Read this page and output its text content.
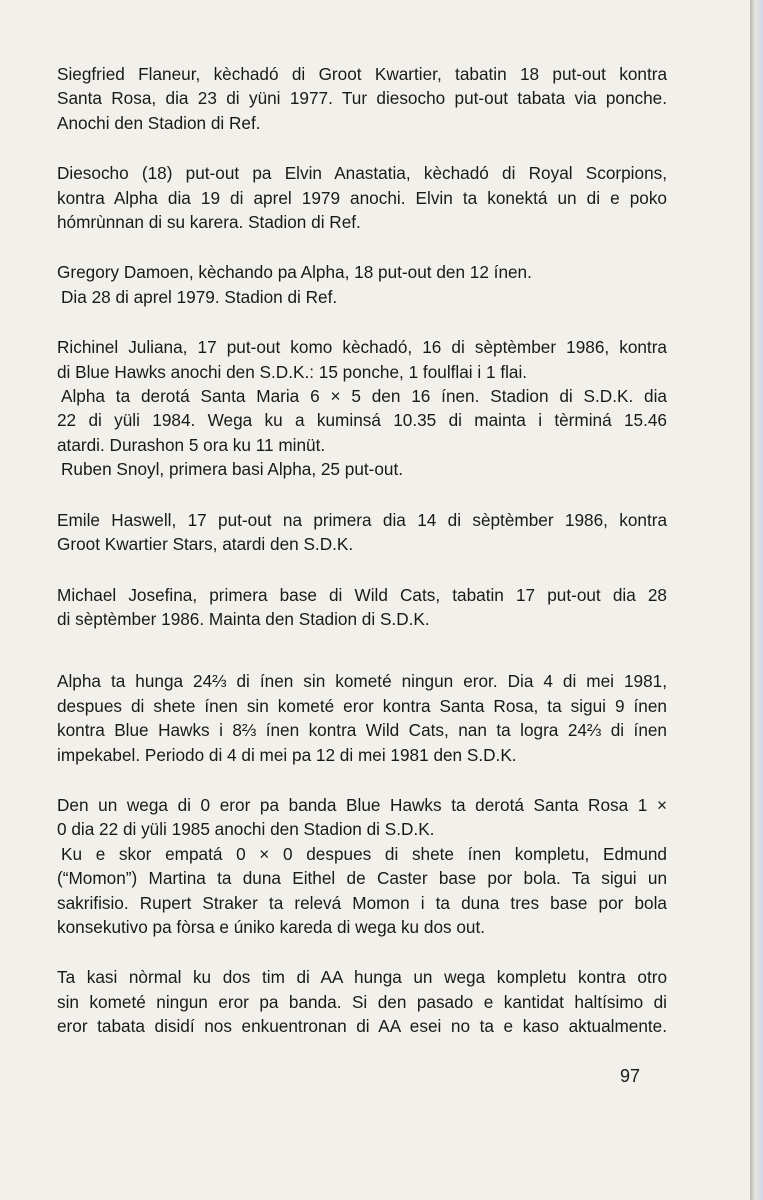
Siegfried Flaneur, kèchadó di Groot Kwartier, tabatin 18 put-out kontra
Santa Rosa, dia 23 di yüni 1977. Tur diesocho put-out tabata via ponche.
Anochi den Stadion di Ref.
Diesocho (18) put-out pa Elvin Anastatia, kèchadó di Royal Scorpions,
kontra Alpha dia 19 di aprel 1979 anochi. Elvin ta konektá un di e poko
hómrùnnan di su karera. Stadion di Ref.
Gregory Damoen, kèchando pa Alpha, 18 put-out den 12 ínen.
Dia 28 di aprel 1979. Stadion di Ref.
Richinel Juliana, 17 put-out komo kèchadó, 16 di sèptèmber 1986, kontra
di Blue Hawks anochi den S.D.K.: 15 ponche, 1 foulflai i 1 flai.
Alpha ta derotá Santa Maria 6 × 5 den 16 ínen. Stadion di S.D.K. dia
22 di yüli 1984. Wega ku a kuminsá 10.35 di mainta i tèrminá 15.46
atardi. Durashon 5 ora ku 11 minüt.
Ruben Snoyl, primera basi Alpha, 25 put-out.
Emile Haswell, 17 put-out na primera dia 14 di sèptèmber 1986, kontra
Groot Kwartier Stars, atardi den S.D.K.
Michael Josefina, primera base di Wild Cats, tabatin 17 put-out dia 28
di sèptèmber 1986. Mainta den Stadion di S.D.K.
Alpha ta hunga 24⅔ di ínen sin kometé ningun eror. Dia 4 di mei 1981,
despues di shete ínen sin kometé eror kontra Santa Rosa, ta sigui 9 ínen
kontra Blue Hawks i 8⅔ ínen kontra Wild Cats, nan ta logra 24⅔ di ínen
impekabel. Periodo di 4 di mei pa 12 di mei 1981 den S.D.K.
Den un wega di 0 eror pa banda Blue Hawks ta derotá Santa Rosa 1 ×
0 dia 22 di yüli 1985 anochi den Stadion di S.D.K.
Ku e skor empatá 0 × 0 despues di shete ínen kompletu, Edmund
(“Momon”) Martina ta duna Eithel de Caster base por bola. Ta sigui un
sakrifisio. Rupert Straker ta relevá Momon i ta duna tres base por bola
konsekutivo pa fòrsa e úniko kareda di wega ku dos out.
Ta kasi nòrmal ku dos tim di AA hunga un wega kompletu kontra otro
sin kometé ningun eror pa banda. Si den pasado e kantidat haltísimo di
eror tabata disidí nos enkuentronan di AA esei no ta e kaso aktualmente.
97
